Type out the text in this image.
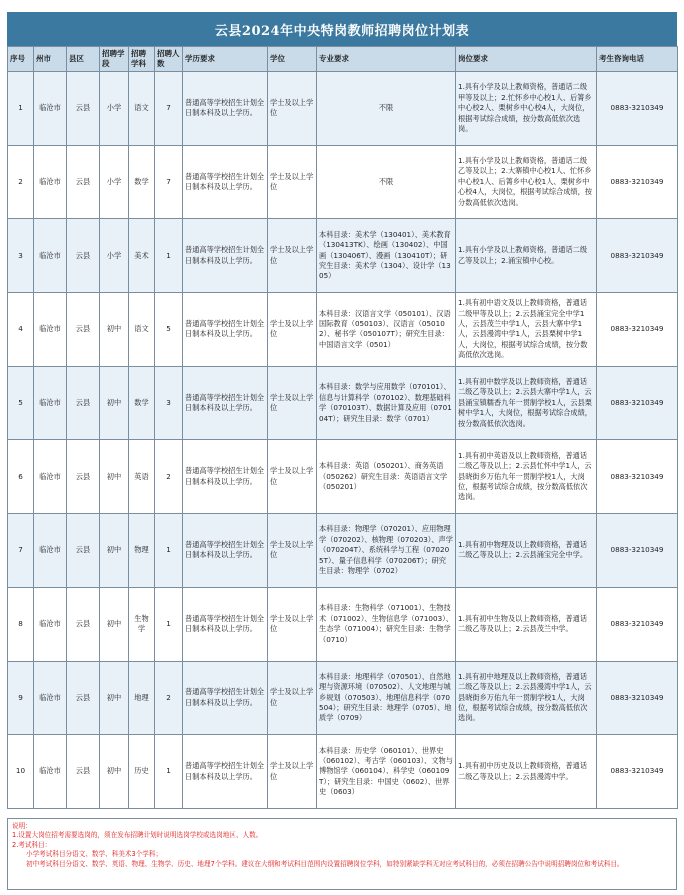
云县2024年中央特岗教师招聘岗位计划表
序号	州市	县区	招聘学段	招聘学科	招聘人数	学历要求	学位	专业要求	岗位要求	考生咨询电话
1	临沧市	云县	小学	语文	7	普通高等学校招生计划全日制本科及以上学历。	学士及以上学位	不限	1.具有小学及以上教师资格，普通话二级甲等及以上；2.忙怀乡中心校1人、后箐乡中心校2人、栗树乡中心校4人，大岗位，根据考试综合成绩，按分数高低依次选岗。	0883-3210349
2	临沧市	云县	小学	数学	7	普通高等学校招生计划全日制本科及以上学历。	学士及以上学位	不限	1.具有小学及以上教师资格，普通话二级乙等及以上；2.大寨镇中心校1人、忙怀乡中心校1人、后箐乡中心校1人、栗树乡中心校4人，大岗位，根据考试综合成绩，按分数高低依次选岗。	0883-3210349
3	临沧市	云县	小学	美术	1	普通高等学校招生计划全日制本科及以上学历。	学士及以上学位	本科目录：美术学（130401）、美术教育（130413TK）、绘画（130402）、中国画（130406T）、漫画（130410T）；研究生目录：美术学（1304）、设计学（1305）	1.具有小学及以上教师资格，普通话二级乙等及以上；2.涌宝镇中心校。	0883-3210349
4	临沧市	云县	初中	语文	5	普通高等学校招生计划全日制本科及以上学历。	学士及以上学位	本科目录：汉语言文学（050101）、汉语国际教育（050103）、汉语言（050102）、秘书学（050107T）；研究生目录：中国语言文学（0501）	1.具有初中语文及以上教师资格，普通话二级甲等及以上；2.云县涌宝完全中学1人，云县茂兰中学1人，云县大寨中学1人，云县漫湾中学1人，云县栗树中学1人，大岗位，根据考试综合成绩，按分数高低依次选岗。	0883-3210349
5	临沧市	云县	初中	数学	3	普通高等学校招生计划全日制本科及以上学历。	学士及以上学位	本科目录：数学与应用数学（070101）、信息与计算科学（070102）、数理基础科学（070103T）、数据计算及应用（070104T）；研究生目录：数学（0701）	1.具有初中数学及以上教师资格，普通话二级乙等及以上；2.云县大寨中学1人，云县涌宝镇糯香九年一贯制学校1人，云县栗树中学1人，大岗位，根据考试综合成绩，按分数高低依次选岗。	0883-3210349
6	临沧市	云县	初中	英语	2	普通高等学校招生计划全日制本科及以上学历。	学士及以上学位	本科目录：英语（050201）、商务英语（050262）研究生目录：英语语言文学（050201）	1.具有初中英语及以上教师资格，普通话二级乙等及以上；2.云县忙怀中学1人，云县晓街乡万佑九年一贯制学校1人，大岗位，根据考试综合成绩，按分数高低依次选岗。	0883-3210349
7	临沧市	云县	初中	物理	1	普通高等学校招生计划全日制本科及以上学历。	学士及以上学位	本科目录：物理学（070201）、应用物理学（070202）、核物理（070203）、声学（070204T）、系统科学与工程（070205T）、量子信息科学（070206T）；研究生目录：物理学（0702）	1.具有初中物理及以上教师资格，普通话二级乙等及以上；2.云县涌宝完全中学。	0883-3210349
8	临沧市	云县	初中	生物学	1	普通高等学校招生计划全日制本科及以上学历。	学士及以上学位	本科目录：生物科学（071001）、生物技术（071002）、生物信息学（071003）、生态学（071004）；研究生目录：生物学（0710）	1.具有初中生物及以上教师资格，普通话二级乙等及以上；2.云县茂兰中学。	0883-3210349
9	临沧市	云县	初中	地理	2	普通高等学校招生计划全日制本科及以上学历。	学士及以上学位	本科目录：地理科学（070501）、自然地理与资源环境（070502）、人文地理与城乡规划（070503）、地理信息科学（070504）；研究生目录：地理学（0705）、地质学（0709）	1.具有初中地理及以上教师资格，普通话二级乙等及以上；2.云县漫湾中学1人，云县晓街乡万佑九年一贯制学校1人，大岗位，根据考试综合成绩，按分数高低依次选岗。	0883-3210349
10	临沧市	云县	初中	历史	1	普通高等学校招生计划全日制本科及以上学历。	学士及以上学位	本科目录：历史学（060101）、世界史（060102）、考古学（060103）、文物与博物馆学（060104）、科学史（060109T）；研究生目录：中国史（0602）、世界史（0603）	1.具有初中历史及以上教师资格，普通话二级乙等及以上；2.云县漫湾中学。	0883-3210349
说明：
1.设置大岗位招考需要选岗的，须在发布招聘计划时说明选岗学校或选岗地区、人数。
2.考试科目：
小学考试科目分语文、数学、科美术3个学科；
初中考试科目分语文、数学、英语、物理、生物学、历史、地理7个学科。建议在大纲和考试科目范围内设置招聘岗位学科，如特别紧缺学科无对应考试科目的，必须在招聘公告中说明招聘岗位和考试科目。
